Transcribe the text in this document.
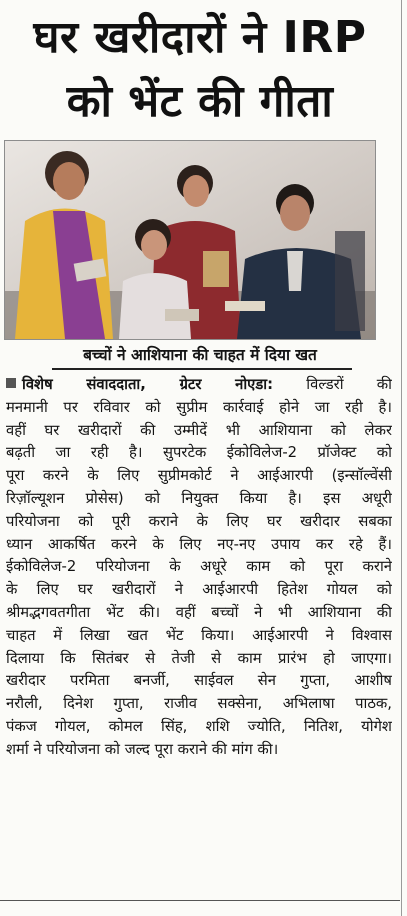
घर खरीदारों ने IRP
को भेंट की गीता
बच्चों ने आशियाना की चाहत में दिया खत
विशेष संवाददाता, ग्रेटर नोएडा: विल्डरों की
मनमानी पर रविवार को सुप्रीम कार्रवाई होने जा रही है।
वहीं घर खरीदारों की उम्मीदें भी आशियाना को लेकर
बढ़ती जा रही है। सुपरटेक ईकोविलेज-2 प्रॉजेक्ट को
पूरा करने के लिए सुप्रीमकोर्ट ने आईआरपी (इन्सॉल्वेंसी
रिज़ॉल्यूशन प्रोसेस) को नियुक्त किया है। इस अधूरी
परियोजना को पूरी कराने के लिए घर खरीदार सबका
ध्यान आकर्षित करने के लिए नए-नए उपाय कर रहे हैं।
ईकोविलेज-2 परियोजना के अधूरे काम को पूरा कराने
के लिए घर खरीदारों ने आईआरपी हितेश गोयल को
श्रीमद्भगवतगीता भेंट की। वहीं बच्चों ने भी आशियाना की
चाहत में लिखा खत भेंट किया। आईआरपी ने विश्वास
दिलाया कि सितंबर से तेजी से काम प्रारंभ हो जाएगा।
खरीदार परमिता बनर्जी, साईवल सेन गुप्ता, आशीष
नरौली, दिनेश गुप्ता, राजीव सक्सेना, अभिलाषा पाठक,
पंकज गोयल, कोमल सिंह, शशि ज्योति, नितिश, योगेश
शर्मा ने परियोजना को जल्द पूरा कराने की मांग की।
